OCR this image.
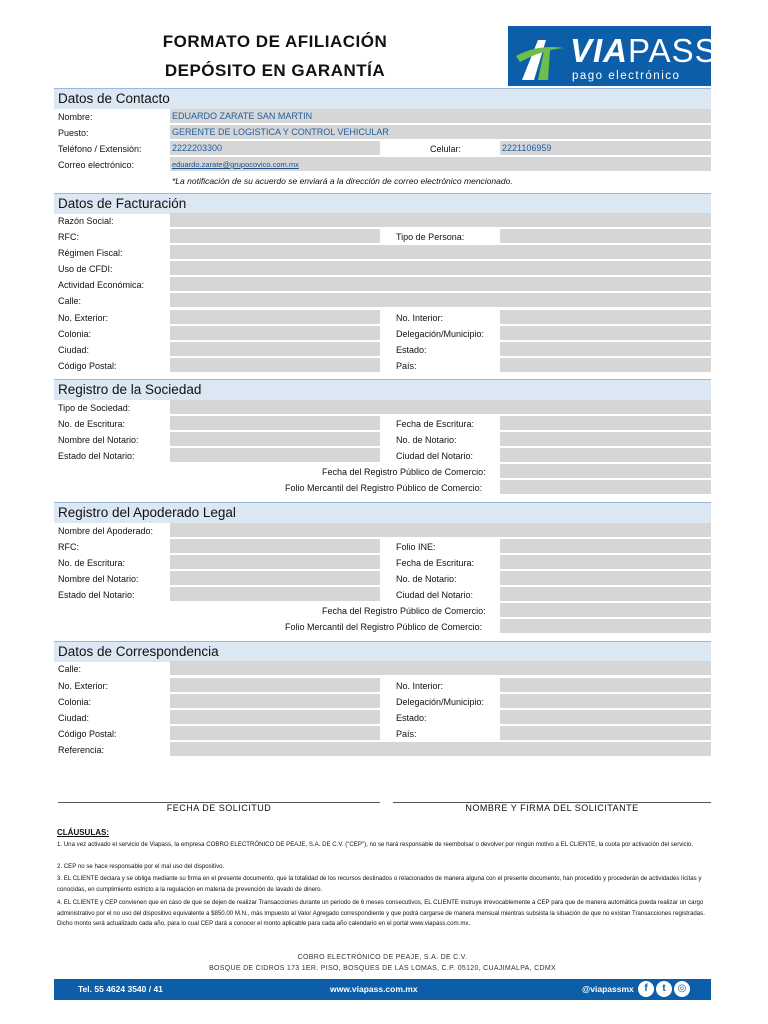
FORMATO DE AFILIACIÓN
DEPÓSITO EN GARANTÍA
VIAPASS
pago electrónico
Datos de Contacto
Nombre:	EDUARDO ZARATE SAN MARTIN
Puesto:	GERENTE DE LOGISTICA Y CONTROL VEHICULAR
Teléfono / Extensión:	2222203300	Celular:	2221106959
Correo electrónico:	eduardo.zarate@grupocovico.com.mx
*La notificación de su acuerdo se enviará a la dirección de correo electrónico mencionado.
Datos de Facturación
Razón Social:
RFC:	Tipo de Persona:
Régimen Fiscal:
Uso de CFDI:
Actividad Económica:
Calle:
No. Exterior:	No. Interior:
Colonia:	Delegación/Municipio:
Ciudad:	Estado:
Código Postal:	País:
Registro de la Sociedad
Tipo de Sociedad:
No. de Escritura:	Fecha de Escritura:
Nombre del Notario:	No. de Notario:
Estado del Notario:	Ciudad del Notario:
Fecha del Registro Público de Comercio:
Folio Mercantil del Registro Público de Comercio:
Registro del Apoderado Legal
Nombre del Apoderado:
RFC:	Folio INE:
No. de Escritura:	Fecha de Escritura:
Nombre del Notario:	No. de Notario:
Estado del Notario:	Ciudad del Notario:
Fecha del Registro Público de Comercio:
Folio Mercantil del Registro Público de Comercio:
Datos de Correspondencia
Calle:
No. Exterior:	No. Interior:
Colonia:	Delegación/Municipio:
Ciudad:	Estado:
Código Postal:	País:
Referencia:
FECHA DE SOLICITUD	NOMBRE Y FIRMA DEL SOLICITANTE
CLÁUSULAS:
1. Una vez activado el servicio de Viapass, la empresa COBRO ELECTRÓNICO DE PEAJE, S.A. DE C.V. ("CEP"), no se hará responsable de reembolsar o devolver por ningún motivo a EL CLIENTE, la cuota por activación del servicio.
2. CEP no se hace responsable por el mal uso del dispositivo.
3. EL CLIENTE declara y se obliga mediante su firma en el presente documento, que la totalidad de los recursos destinados o relacionados de manera alguna con el presente documento, han procedido y procederán de actividades lícitas y conocidas, en cumplimiento estricto a la regulación en materia de prevención de lavado de dinero.
4. EL CLIENTE y CEP convienen que en caso de que se dejen de realizar Transacciones durante un periodo de 6 meses consecutivos, EL CLIENTE instruye irrevocablemente a CEP para que de manera automática pueda realizar un cargo administrativo por el no uso del dispositivo equivalente a $850.00 M.N., más Impuesto al Valor Agregado correspondiente y que podrá cargarse de manera mensual mientras subsista la situación de que no existan Transacciones registradas. Dicho monto será actualizado cada año, para lo cual CEP dará a conocer el monto aplicable para cada año calendario en el portal www.viapass.com.mx.
COBRO ELECTRÓNICO DE PEAJE, S.A. DE C.V.
BOSQUE DE CIDROS 173 1ER. PISO, BOSQUES DE LAS LOMAS, C.P. 05120, CUAJIMALPA, CDMX
Tel. 55 4624 3540 / 41	www.viapass.com.mx	@viapassmx	f	t	◎
